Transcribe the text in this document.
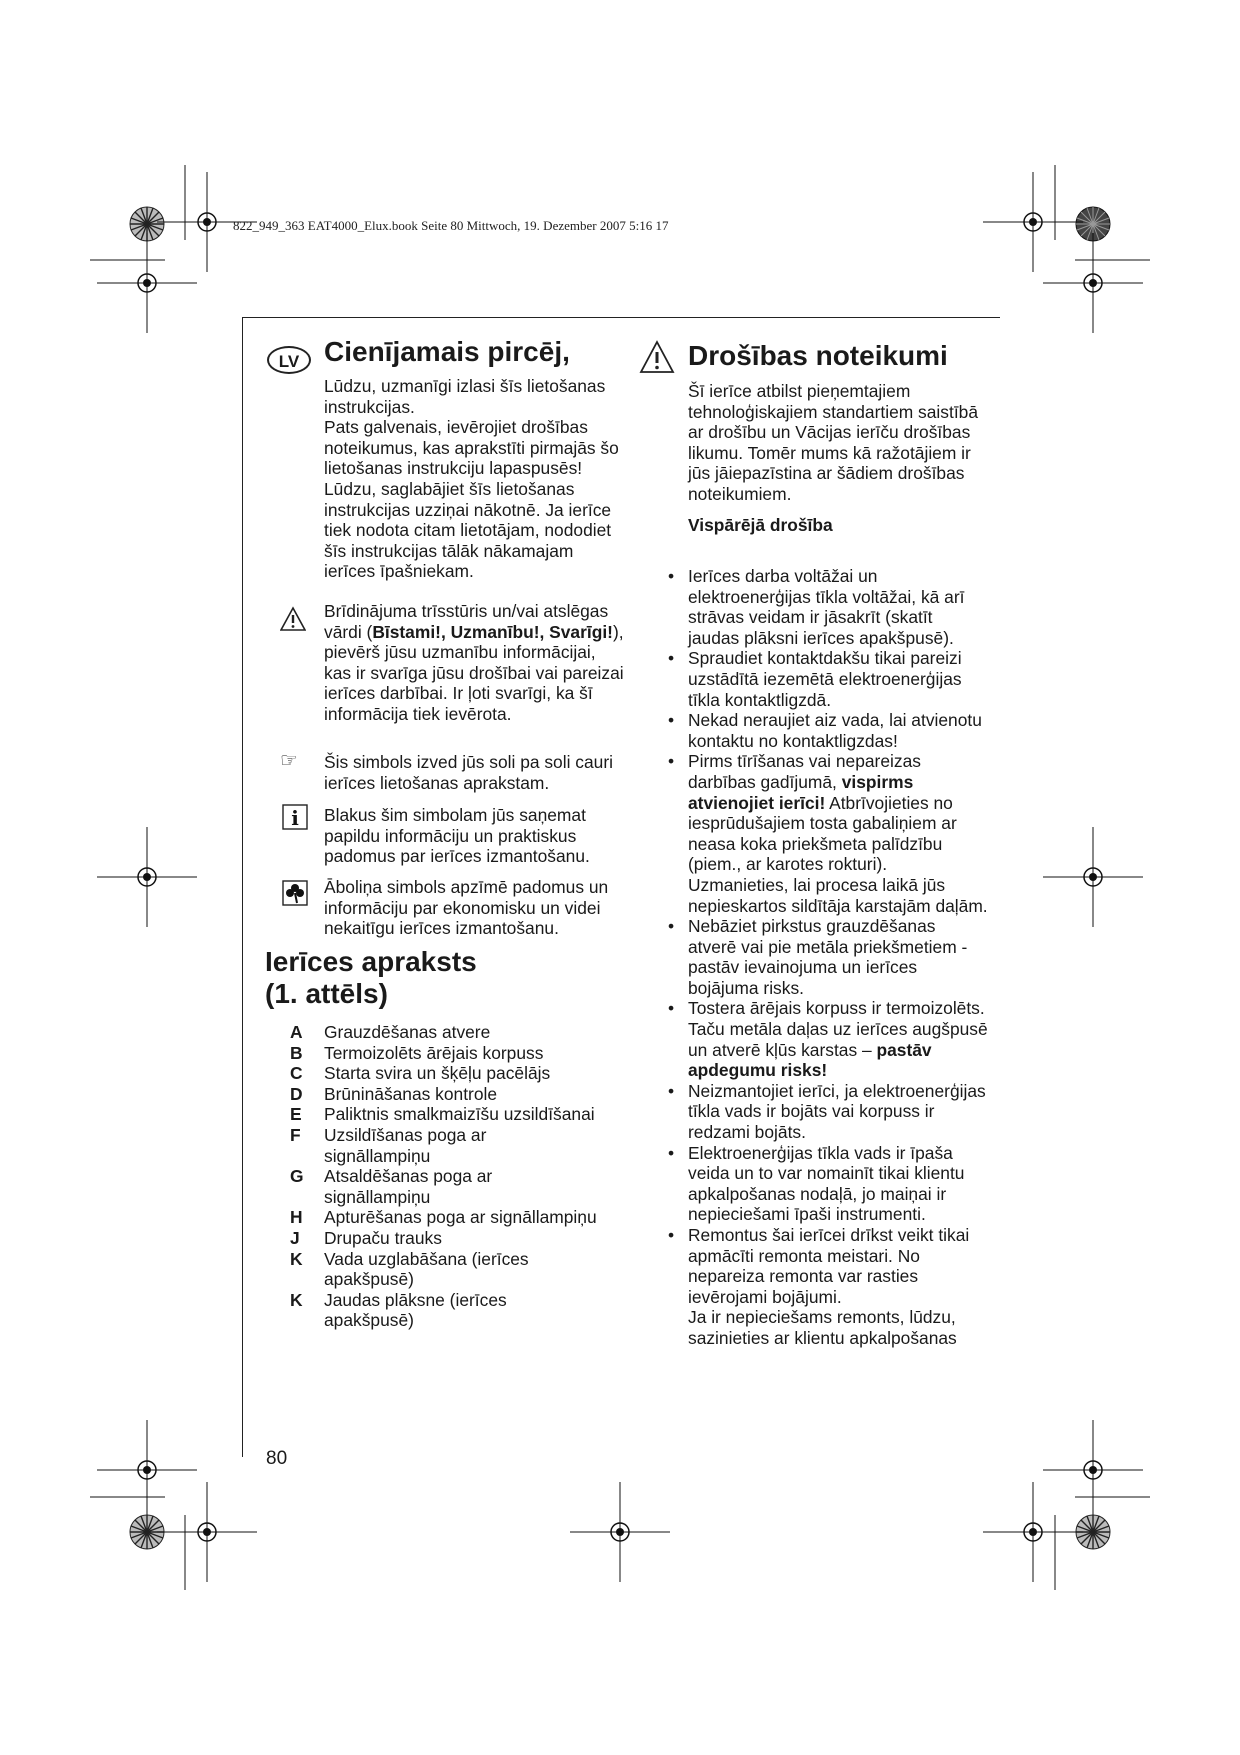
822_949_363 EAT4000_Elux.book Seite 80 Mittwoch, 19. Dezember 2007 5:16 17
LV Cienījamais pircēj,

Lūdzu, uzmanīgi izlasi šīs lietošanas instrukcijas.

Pats galvenais, ievērojiet drošības noteikumus, kas aprakstīti pirmajās šo lietošanas instrukciju lapaspusēs! Lūdzu, saglabājiet šīs lietošanas instrukcijas uzziņai nākotnē. Ja ierīce tiek nodota citam lietotājam, nododiet šīs instrukcijas tālāk nākamajam ierīces īpašniekam.

Brīdinājuma trīsstūris un/vai atslēgas vārdi (Bīstami!, Uzmanību!, Svarīgi!), pievērš jūsu uzmanību informācijai, kas ir svarīga jūsu drošībai vai pareizai ierīces darbībai. Ir ļoti svarīgi, ka šī informācija tiek ievērota.

☞	Šis simbols izved jūs soli pa soli cauri ierīces lietošanas aprakstam.

i Blakus šim simbolam jūs saņemat papildu informāciju un praktiskus padomus par ierīces izmantošanu.

Āboliņa simbols apzīmē padomus un informāciju par ekonomisku un videi nekaitīgu ierīces izmantošanu.

Ierīces apraksts
(1. attēls)
A Grauzdēšanas atvere
B Termoizolēts ārējais korpuss
C Starta svira un šķēļu pacēlājs
D Brūnināšanas kontrole
E Paliktnis smalkmaizīšu uzsildīšanai
F Uzsildīšanas poga ar signāllampiņu
G Atsaldēšanas poga ar signāllampiņu
H Apturēšanas poga ar signāllampiņu
J Drupaču trauks
K Vada uzglabāšana (ierīces apakšpusē)
K Jaudas plāksne (ierīces apakšpusē)
80
Drošības noteikumi

Šī ierīce atbilst pieņemtajiem tehnoloģiskajiem standartiem saistībā ar drošību un Vācijas ierīču drošības likumu. Tomēr mums kā ražotājiem ir jūs jāiepazīstina ar šādiem drošības noteikumiem.

Vispārējā drošība

• Ierīces darba voltāžai un elektroenerģijas tīkla voltāžai, kā arī strāvas veidam ir jāsakrīt (skatīt jaudas plāksni ierīces apakšpusē).
• Spraudiet kontaktdakšu tikai pareizi uzstādītā iezemētā elektroenerģijas tīkla kontaktligzdā.
• Nekad neraujiet aiz vada, lai atvienotu kontaktu no kontaktligzdas!
• Pirms tīrīšanas vai nepareizas darbības gadījumā, vispirms atvienojiet ierīci! Atbrīvojieties no iesprūdušajiem tosta gabaliņiem ar neasa koka priekšmeta palīdzību (piem., ar karotes rokturi). Uzmanieties, lai procesa laikā jūs nepieskartos sildītāja karstajām daļām.
• Nebāziet pirkstus grauzdēšanas atverē vai pie metāla priekšmetiem - pastāv ievainojuma un ierīces bojājuma risks.
• Tostera ārējais korpuss ir termoizolēts. Taču metāla daļas uz ierīces augšpusē un atverē kļūs karstas – pastāv apdegumu risks!
• Neizmantojiet ierīci, ja elektroenerģijas tīkla vads ir bojāts vai korpuss ir redzami bojāts.
• Elektroenerģijas tīkla vads ir īpaša veida un to var nomainīt tikai klientu apkalpošanas nodaļā, jo maiņai ir nepieciešami īpaši instrumenti.
• Remontus šai ierīcei drīkst veikt tikai apmācīti remonta meistari. No nepareiza remonta var rasties ievērojami bojājumi.
Ja ir nepieciešams remonts, lūdzu, sazinieties ar klientu apkalpošanas
